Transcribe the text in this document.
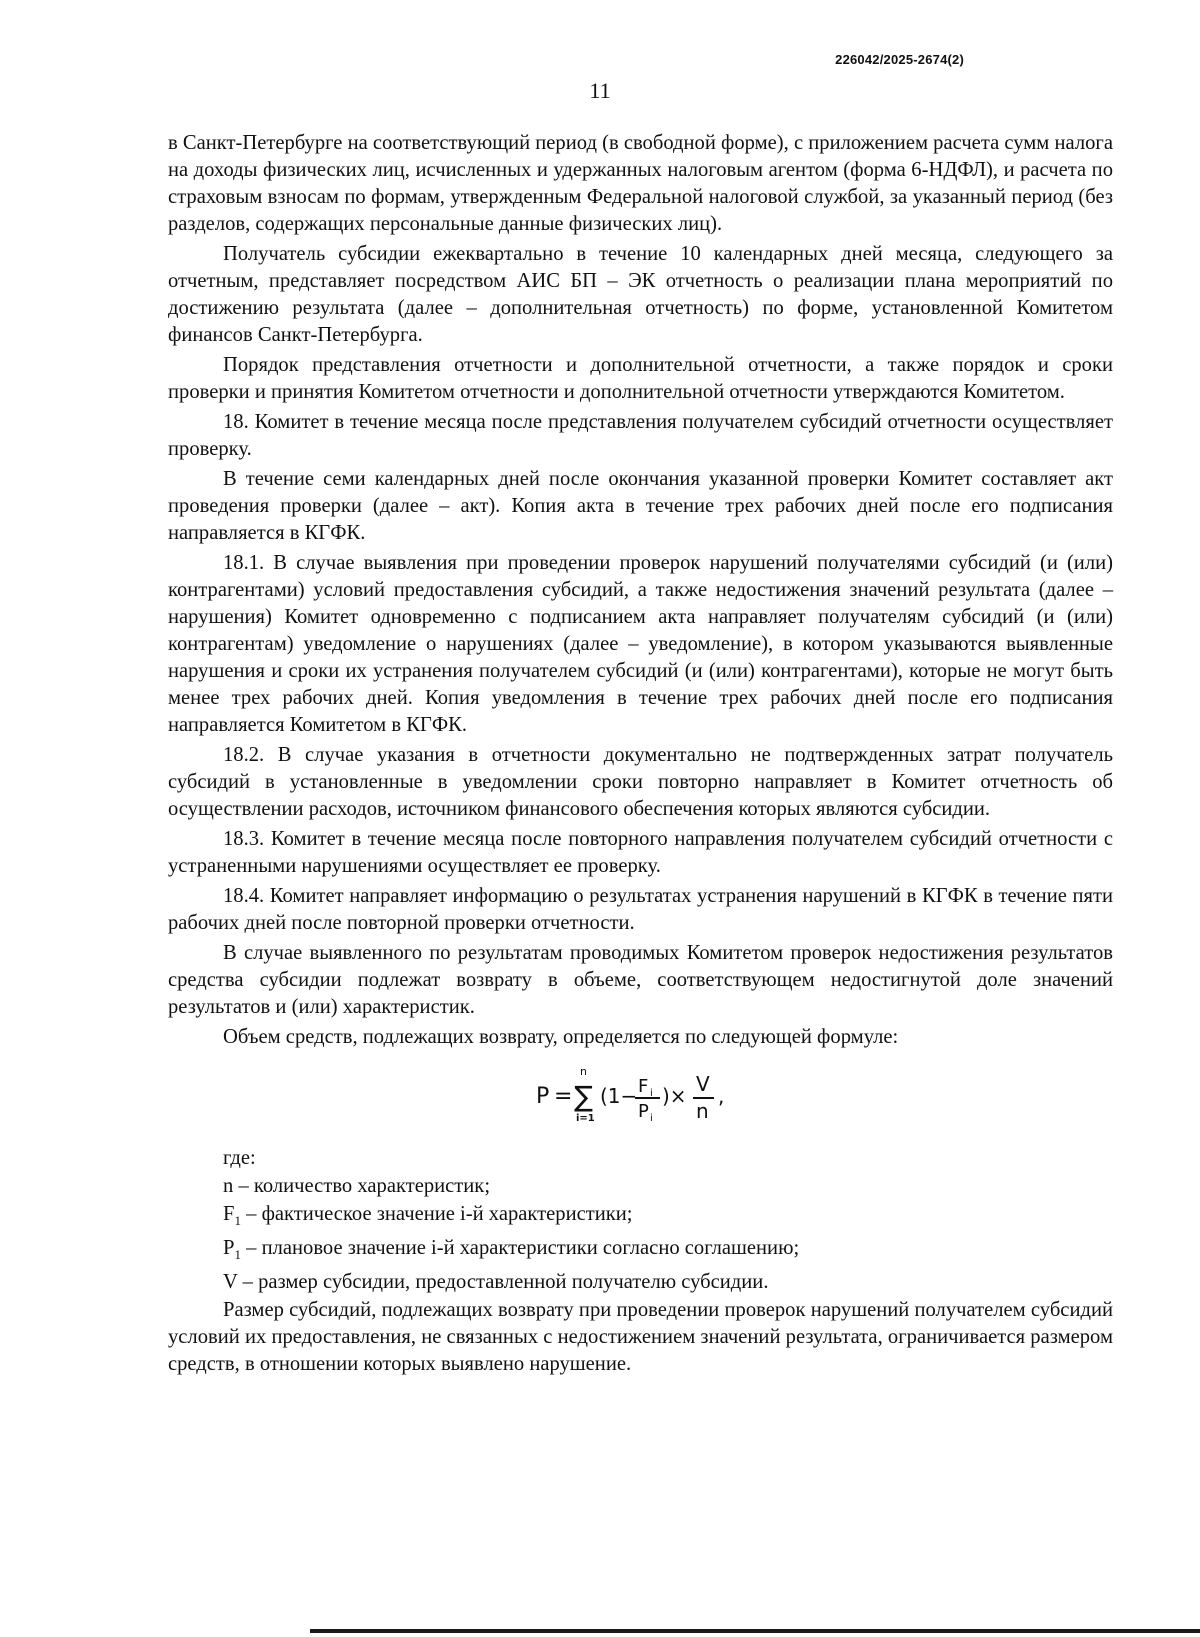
226042/2025-2674(2)
11

в Санкт-Петербурге на соответствующий период (в свободной форме), с приложением расчета сумм налога на доходы физических лиц, исчисленных и удержанных налоговым агентом (форма 6-НДФЛ), и расчета по страховым взносам по формам, утвержденным Федеральной налоговой службой, за указанный период (без разделов, содержащих персональные данные физических лиц).

Получатель субсидии ежеквартально в течение 10 календарных дней месяца, следующего за отчетным, представляет посредством АИС БП – ЭК отчетность о реализации плана мероприятий по достижению результата (далее – дополнительная отчетность) по форме, установленной Комитетом финансов Санкт-Петербурга.

Порядок представления отчетности и дополнительной отчетности, а также порядок и сроки проверки и принятия Комитетом отчетности и дополнительной отчетности утверждаются Комитетом.

18. Комитет в течение месяца после представления получателем субсидий отчетности осуществляет проверку.

В течение семи календарных дней после окончания указанной проверки Комитет составляет акт проведения проверки (далее – акт). Копия акта в течение трех рабочих дней после его подписания направляется в КГФК.

18.1. В случае выявления при проведении проверок нарушений получателями субсидий (и (или) контрагентами) условий предоставления субсидий, а также недостижения значений результата (далее – нарушения) Комитет одновременно с подписанием акта направляет получателям субсидий (и (или) контрагентам) уведомление о нарушениях (далее – уведомление), в котором указываются выявленные нарушения и сроки их устранения получателем субсидий (и (или) контрагентами), которые не могут быть менее трех рабочих дней. Копия уведомления в течение трех рабочих дней после его подписания направляется Комитетом в КГФК.

18.2. В случае указания в отчетности документально не подтвержденных затрат получатель субсидий в установленные в уведомлении сроки повторно направляет в Комитет отчетность об осуществлении расходов, источником финансового обеспечения которых являются субсидии.

18.3. Комитет в течение месяца после повторного направления получателем субсидий отчетности с устраненными нарушениями осуществляет ее проверку.

18.4. Комитет направляет информацию о результатах устранения нарушений в КГФК в течение пяти рабочих дней после повторной проверки отчетности.

В случае выявленного по результатам проводимых Комитетом проверок недостижения результатов средства субсидии подлежат возврату в объеме, соответствующем недостигнутой доле значений результатов и (или) характеристик.

Объем средств, подлежащих возврату, определяется по следующей формуле:

P =
n
∑
i=1
(1− F i
P i
)× V
n
,

где:

n – количество характеристик;

$F_1$ – фактическое значение i-й характеристики;

$P_1$ – плановое значение i-й характеристики согласно соглашению;

V – размер субсидии, предоставленной получателю субсидии.

Размер субсидий, подлежащих возврату при проведении проверок нарушений получателем субсидий условий их предоставления, не связанных с недостижением значений результата, ограничивается размером средств, в отношении которых выявлено нарушение.
